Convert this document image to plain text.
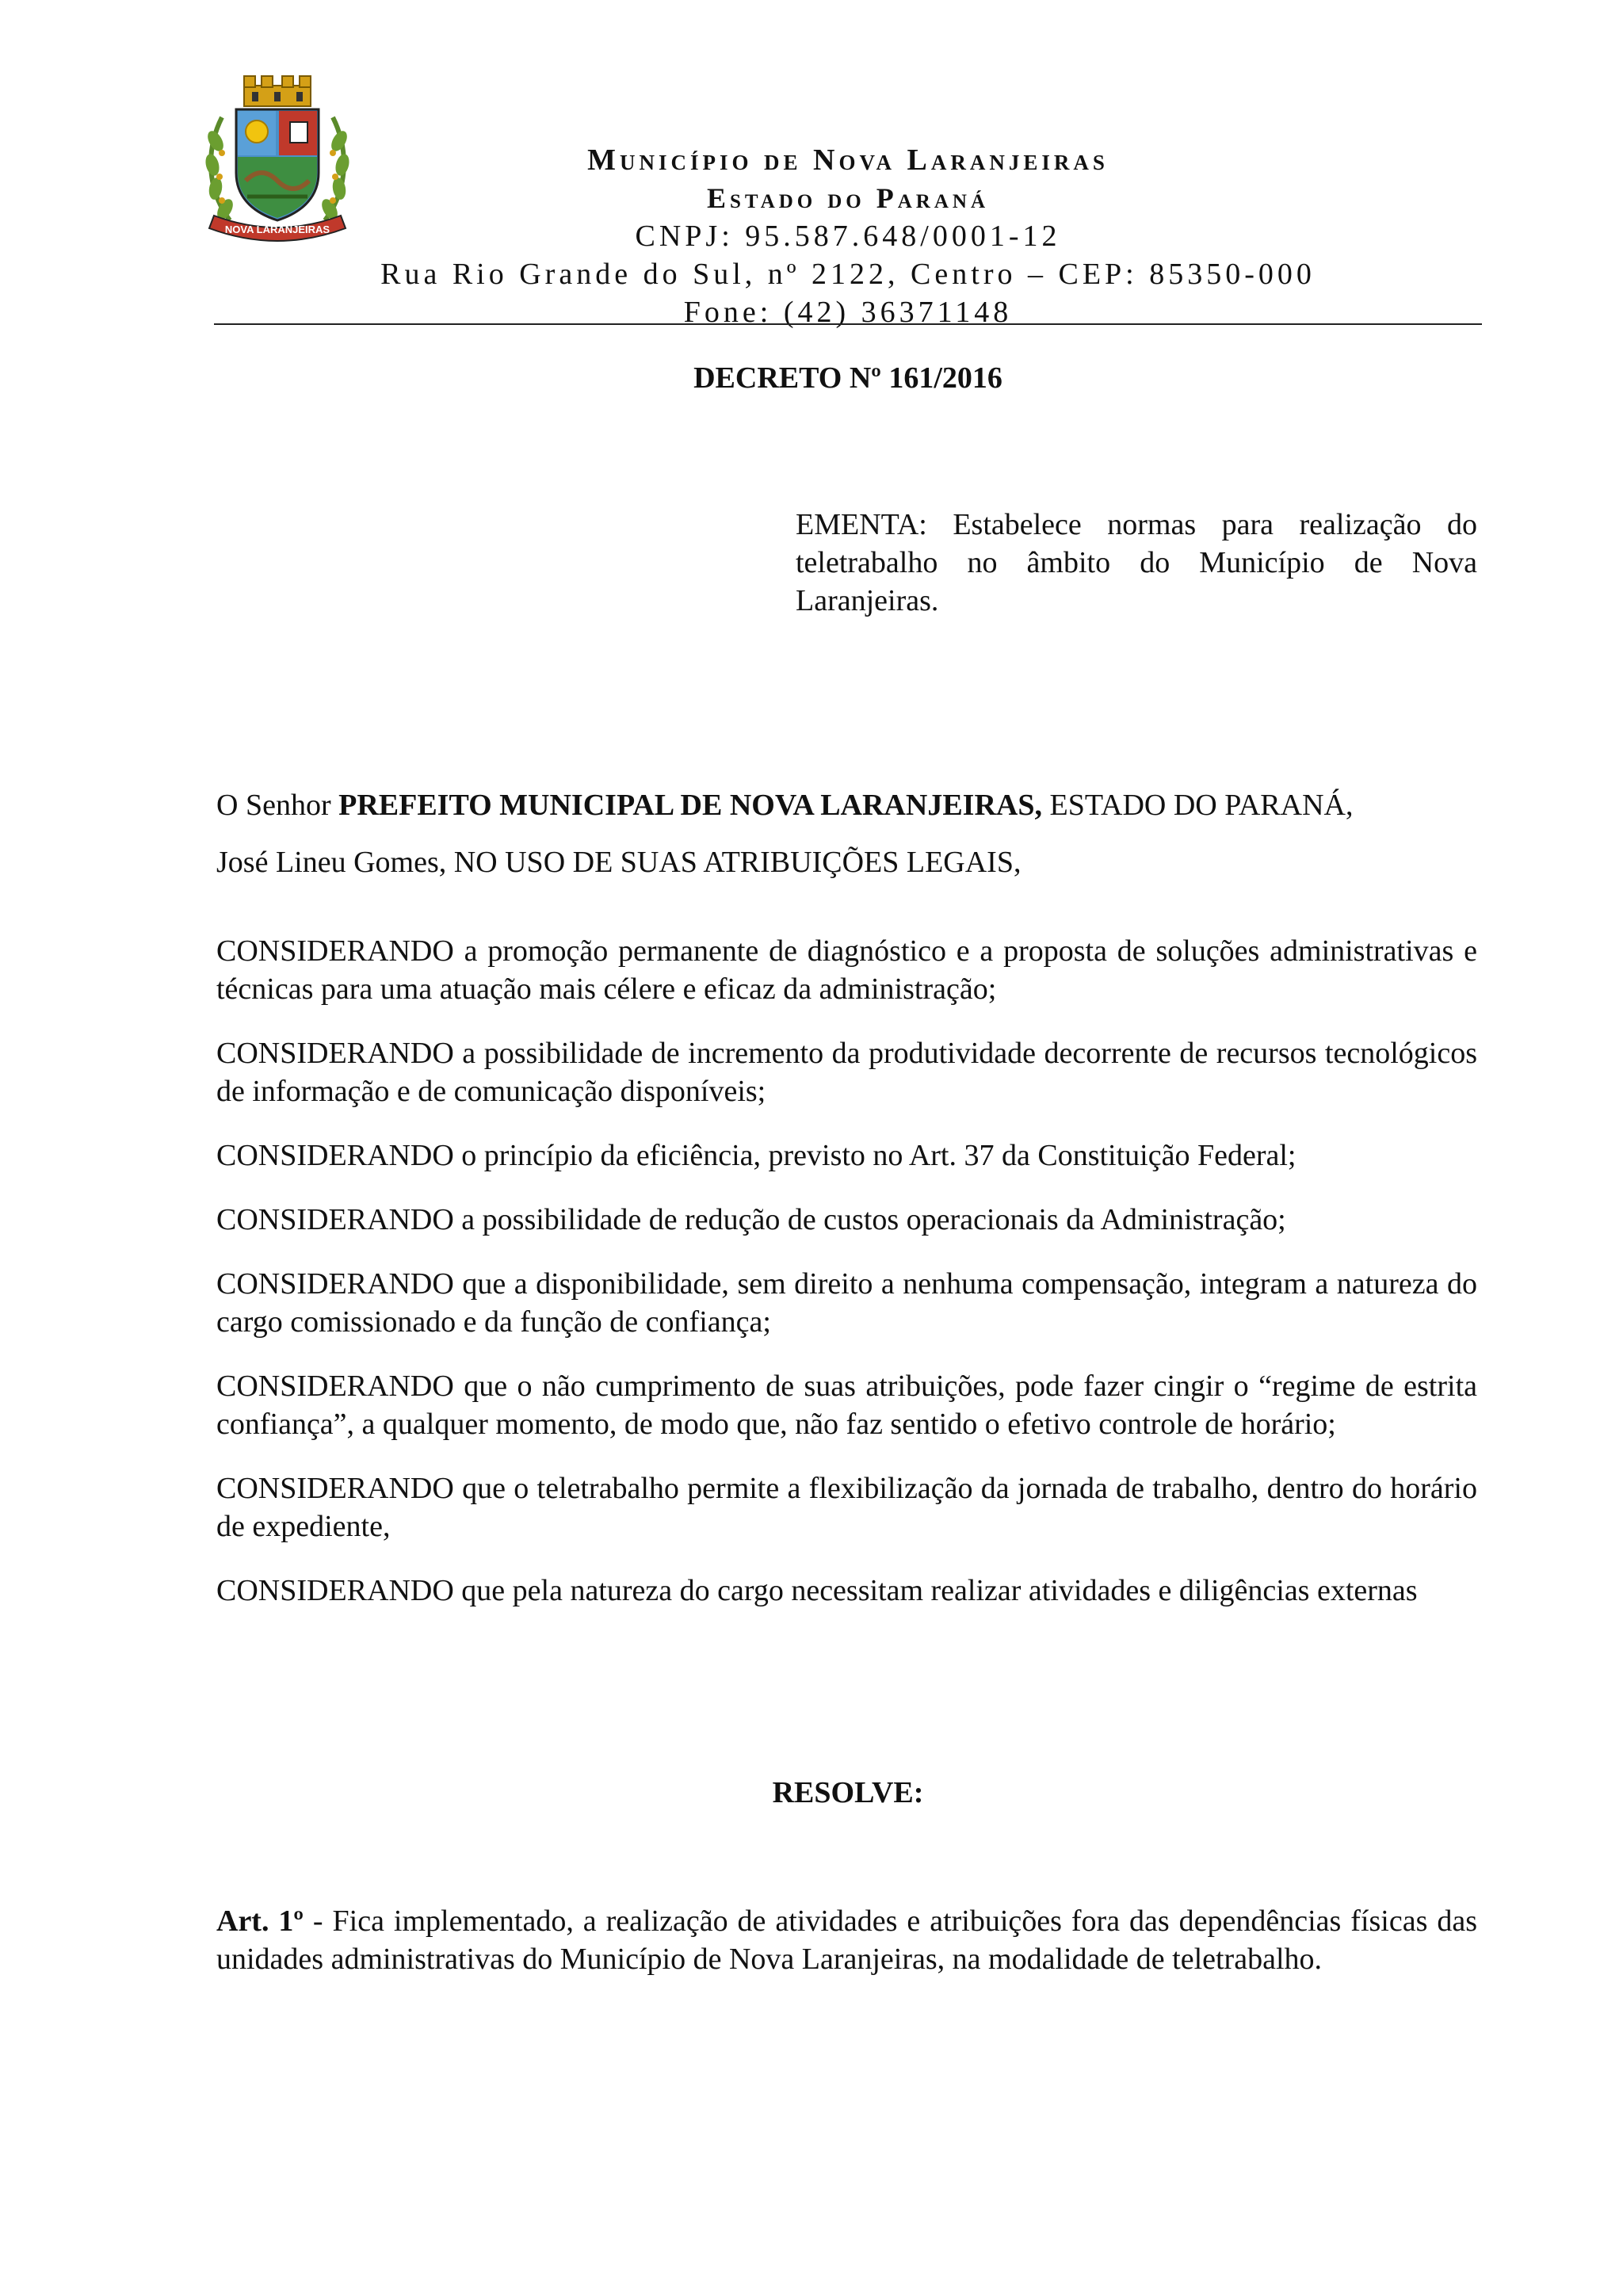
NOVA LARANJEIRAS
Município de Nova Laranjeiras
Estado do Paraná
CNPJ: 95.587.648/0001-12
Rua Rio Grande do Sul, nº 2122, Centro – CEP: 85350-000
Fone: (42) 36371148
DECRETO Nº 161/2016
EMENTA: Estabelece normas para realização do teletrabalho no âmbito do Município de Nova Laranjeiras.
O Senhor PREFEITO MUNICIPAL DE NOVA LARANJEIRAS, ESTADO DO PARANÁ,
José Lineu Gomes, NO USO DE SUAS ATRIBUIÇÕES LEGAIS,

CONSIDERANDO a promoção permanente de diagnóstico e a proposta de soluções administrativas e técnicas para uma atuação mais célere e eficaz da administração;

CONSIDERANDO a possibilidade de incremento da produtividade decorrente de recursos tecnológicos de informação e de comunicação disponíveis;

CONSIDERANDO o princípio da eficiência, previsto no Art. 37 da Constituição Federal;

CONSIDERANDO a possibilidade de redução de custos operacionais da Administração;

CONSIDERANDO que a disponibilidade, sem direito a nenhuma compensação, integram a natureza do cargo comissionado e da função de confiança;

CONSIDERANDO que o não cumprimento de suas atribuições, pode fazer cingir o “regime de estrita confiança”, a qualquer momento, de modo que, não faz sentido o efetivo controle de horário;

CONSIDERANDO que o teletrabalho permite a flexibilização da jornada de trabalho, dentro do horário de expediente,

CONSIDERANDO que pela natureza do cargo necessitam realizar atividades e diligências externas

RESOLVE:
Art. 1º - Fica implementado, a realização de atividades e atribuições fora das dependências físicas das unidades administrativas do Município de Nova Laranjeiras, na modalidade de teletrabalho.
